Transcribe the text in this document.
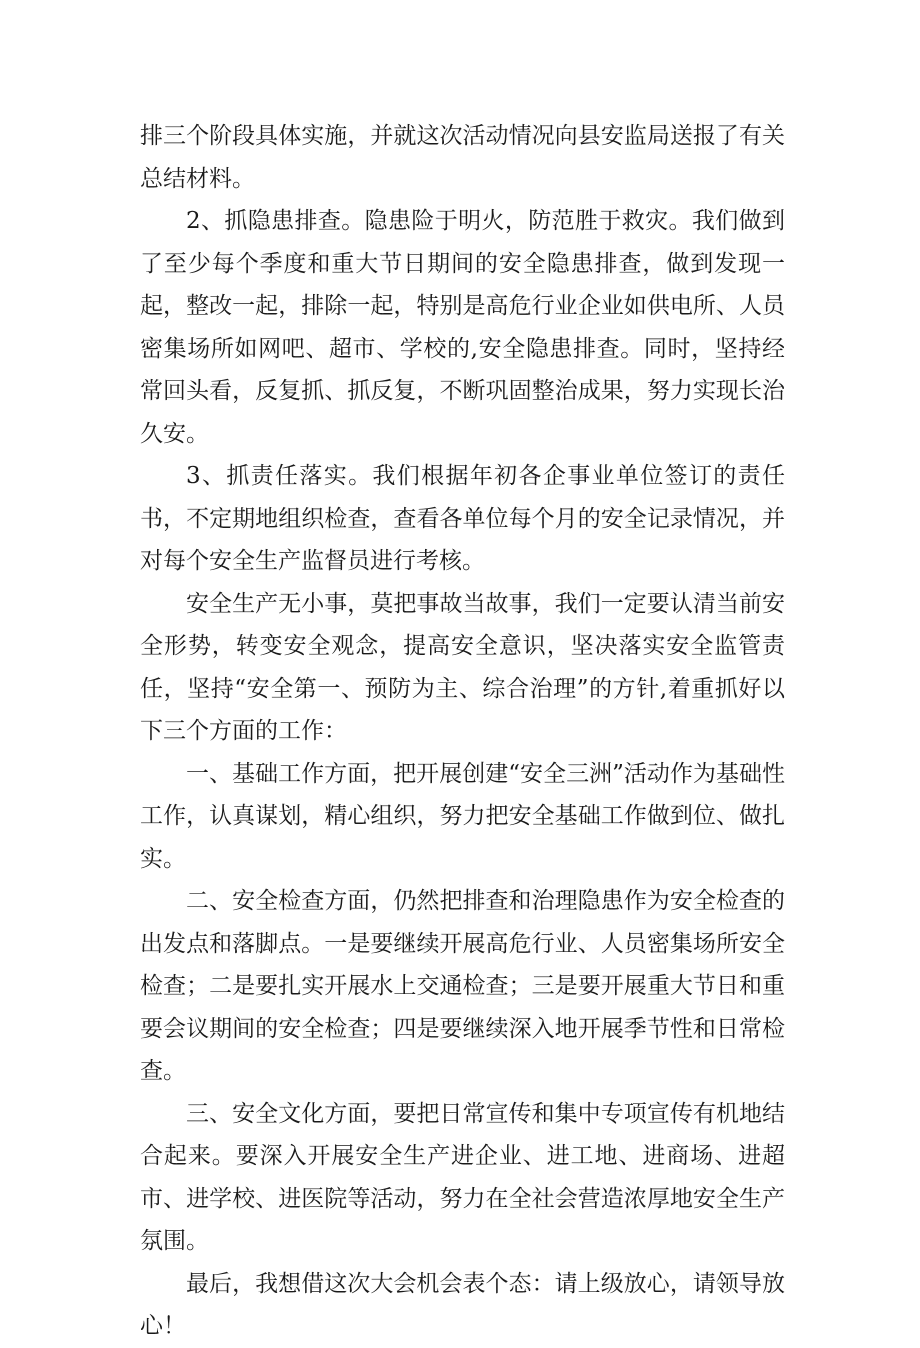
排三个阶段具体实施，并就这次活动情况向县安监局送报了有关总结材料。

2、抓隐患排查。隐患险于明火，防范胜于救灾。我们做到了至少每个季度和重大节日期间的安全隐患排查，做到发现一起，整改一起，排除一起，特别是高危行业企业如供电所、人员密集场所如网吧、超市、学校的,安全隐患排查。同时，坚持经常回头看，反复抓、抓反复，不断巩固整治成果，努力实现长治久安。

3、抓责任落实。我们根据年初各企事业单位签订的责任书，不定期地组织检查，查看各单位每个月的安全记录情况，并对每个安全生产监督员进行考核。

安全生产无小事，莫把事故当故事，我们一定要认清当前安全形势，转变安全观念，提高安全意识，坚决落实安全监管责任，坚持“安全第一、预防为主、综合治理”的方针,着重抓好以下三个方面的工作：

一、基础工作方面，把开展创建“安全三洲”活动作为基础性工作，认真谋划，精心组织，努力把安全基础工作做到位、做扎实。

二、安全检查方面，仍然把排查和治理隐患作为安全检查的出发点和落脚点。一是要继续开展高危行业、人员密集场所安全检查；二是要扎实开展水上交通检查；三是要开展重大节日和重要会议期间的安全检查；四是要继续深入地开展季节性和日常检查。

三、安全文化方面，要把日常宣传和集中专项宣传有机地结合起来。要深入开展安全生产进企业、进工地、进商场、进超市、进学校、进医院等活动，努力在全社会营造浓厚地安全生产氛围。

最后，我想借这次大会机会表个态：请上级放心，请领导放心！
